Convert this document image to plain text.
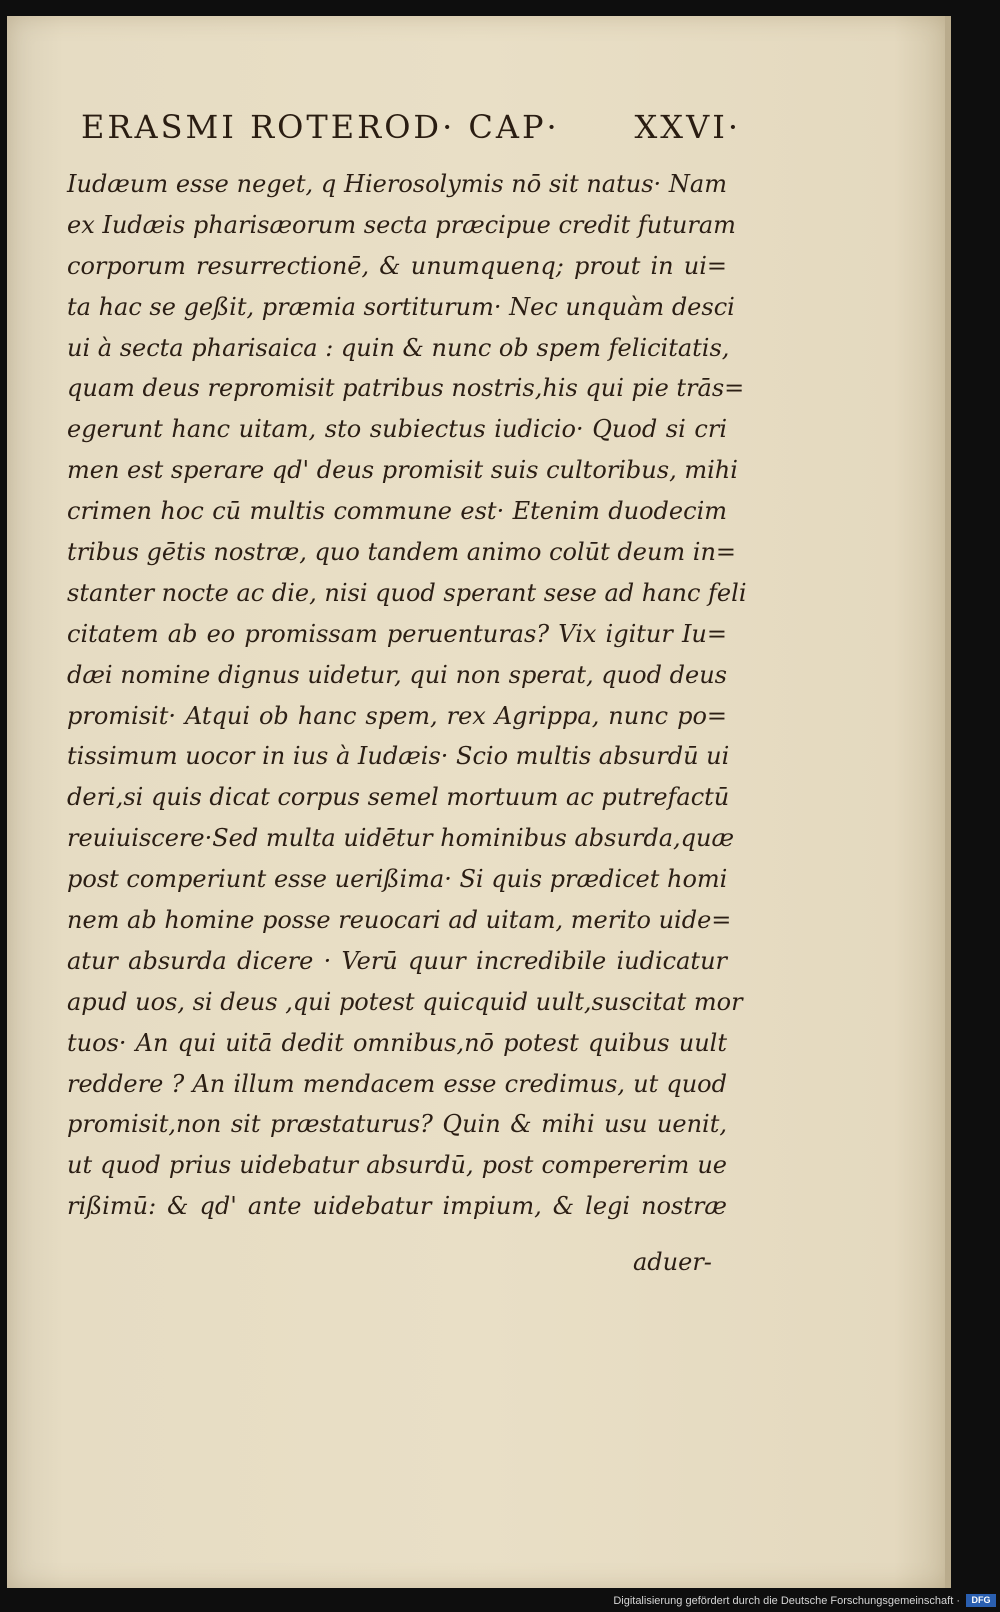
ERASMI ROTEROD· CAP· XXVI·
Iudæum esse neget, q Hierosolymis nō sit natus· Nam
ex Iudæis pharisæorum secta præcipue credit futuram
corporum resurrectionē, & unumquenq; prout in ui=
ta hac se geßit, præmia sortiturum· Nec unquàm desci
ui à secta pharisaica : quin & nunc ob spem felicitatis,
quam deus repromisit patribus nostris,his qui pie trās=
egerunt hanc uitam, sto subiectus iudicio· Quod si cri
men est sperare qd' deus promisit suis cultoribus, mihi
crimen hoc cū multis commune est· Etenim duodecim
tribus gētis nostræ, quo tandem animo colūt deum in=
stanter nocte ac die, nisi quod sperant sese ad hanc feli
citatem ab eo promissam peruenturas? Vix igitur Iu=
dæi nomine dignus uidetur, qui non sperat, quod deus
promisit· Atqui ob hanc spem, rex Agrippa, nunc po=
tissimum uocor in ius à Iudæis· Scio multis absurdū ui
deri,si quis dicat corpus semel mortuum ac putrefactū
reuiuiscere·Sed multa uidētur hominibus absurda,quæ
post comperiunt esse uerißima· Si quis prædicet homi
nem ab homine posse reuocari ad uitam, merito uide=
atur absurda dicere · Verū quur incredibile iudicatur
apud uos, si deus ,qui potest quicquid uult,suscitat mor
tuos· An qui uitā dedit omnibus,nō potest quibus uult
reddere ? An illum mendacem esse credimus, ut quod
promisit,non sit præstaturus? Quin & mihi usu uenit,
ut quod prius uidebatur absurdū, post compererim ue
rißimū: & qd' ante uidebatur impium, & legi nostræ
aduer-
Digitalisierung gefördert durch die Deutsche Forschungsgemeinschaft ·	DFG
